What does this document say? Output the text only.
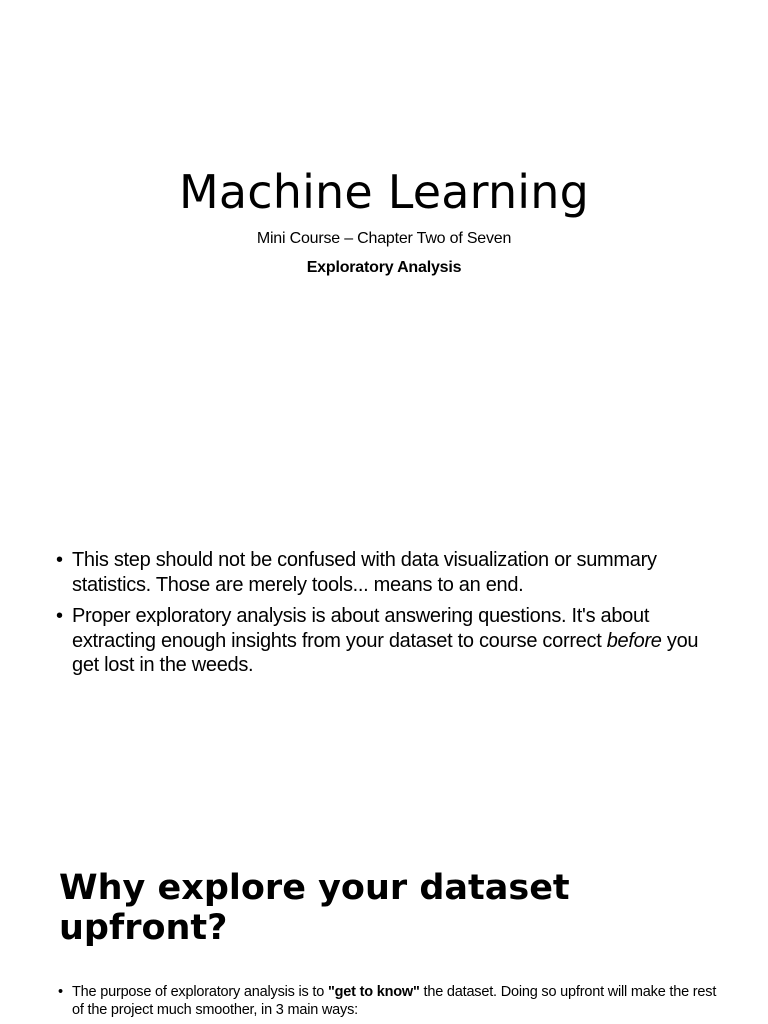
Machine Learning

Mini Course – Chapter Two of Seven

Exploratory Analysis

• This step should not be confused with data visualization or summary statistics. Those are merely tools... means to an end.
• Proper exploratory analysis is about answering questions. It's about extracting enough insights from your dataset to course correct before you get lost in the weeds.
Why explore your dataset upfront?
• The purpose of exploratory analysis is to "get to know" the dataset. Doing so upfront will make the rest of the project much smoother, in 3 main ways:
